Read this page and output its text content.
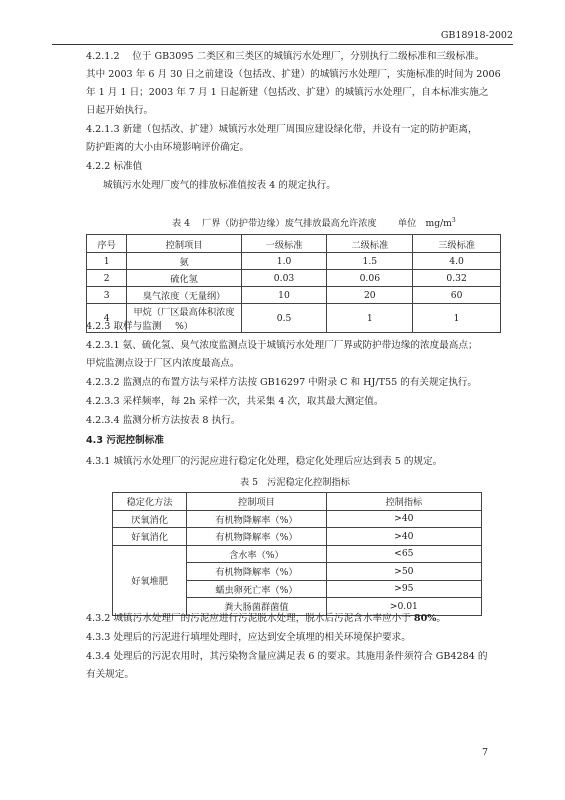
GB18918-2002
4.2.1.2 　位于 GB3095 二类区和三类区的城镇污水处理厂，分别执行二级标准和三级标准。
其中 2003 年 6 月 30 日之前建设（包括改、扩建）的城镇污水处理厂，实施标准的时间为 2006
年 1 月 1 日；2003 年 7 月 1 日起新建（包括改、扩建）的城镇污水处理厂，自本标准实施之
日起开始执行。
4.2.1.3 新建（包括改、扩建）城镇污水处理厂周围应建设绿化带，并设有一定的防护距离，
防护距离的大小由环境影响评价确定。
4.2.2 标准值
城镇污水处理厂废气的排放标准值按表 4 的规定执行。
表 4　 厂界（防护带边缘）废气排放最高允许浓度　　 单位　$mg/m^3$
序号	控制项目	一级标准	二级标准	三级标准
1	氨	1.0	1.5	4.0
2	硫化氢	0.03	0.06	0.32
3	臭气浓度（无量纲）	10	20	60
4	甲烷（厂区最高体积浓度　%）	0.5	1	1
4.2.3 取样与监测
4.2.3.1 氨、硫化氢、臭气浓度监测点设于城镇污水处理厂厂界或防护带边缘的浓度最高点；
甲烷监测点设于厂区内浓度最高点。
4.2.3.2 监测点的布置方法与采样方法按 GB16297 中附录 C 和 HJ/T55 的有关规定执行。
4.2.3.3 采样频率，每 2h 采样一次，共采集 4 次，取其最大测定值。
4.2.3.4 监测分析方法按表 8 执行。
4.3 污泥控制标准
4.3.1 城镇污水处理厂的污泥应进行稳定化处理，稳定化处理后应达到表 5 的规定。
表 5　污泥稳定化控制指标
稳定化方法	控制项目	控制指标
厌氧消化	有机物降解率（%）	>40
好氧消化	有机物降解率（%）	>40
好氧堆肥	含水率（%）	<65
	有机物降解率（%）	>50
	蠕虫卵死亡率（%）	>95
	粪大肠菌群菌值	>0.01
4.3.2 城镇污水处理厂的污泥应进行污泥脱水处理，脱水后污泥含水率应小于 80%。
4.3.3 处理后的污泥进行填埋处理时，应达到安全填埋的相关环境保护要求。
4.3.4 处理后的污泥农用时，其污染物含量应满足表 6 的要求。其施用条件须符合 GB4284 的
有关规定。
7
